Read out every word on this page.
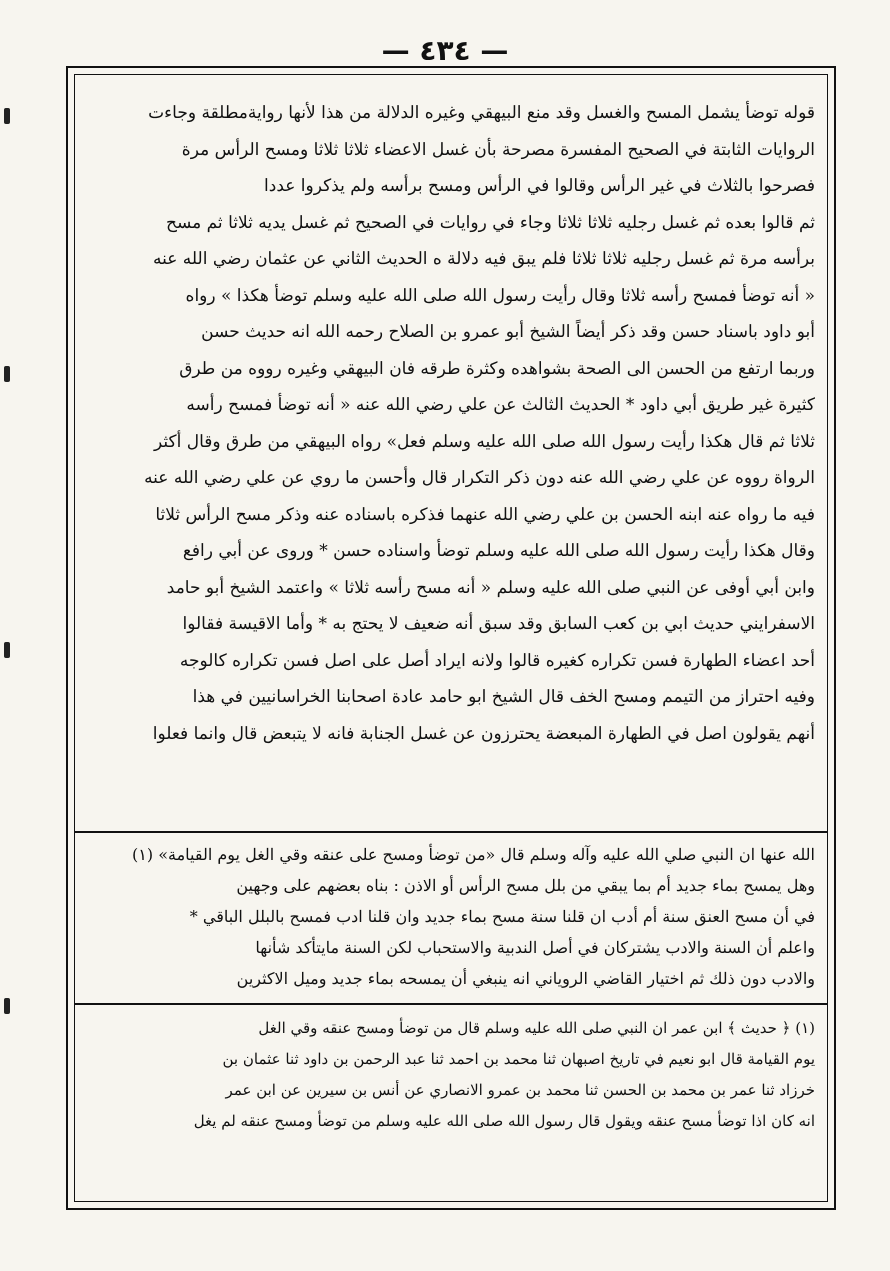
— ٤٣٤ —

قوله توضأ يشمل المسح والغسل وقد منع البيهقي وغيره الدلالة من هذا لأنها روايةمطلقة وجاءت

الروايات الثابتة في الصحيح المفسرة مصرحة بأن غسل الاعضاء ثلاثا ثلاثا ومسح الرأس مرة

فصرحوا بالثلاث في غير الرأس وقالوا في الرأس ومسح برأسه ولم يذكروا عددا

ثم قالوا بعده ثم غسل رجليه ثلاثا ثلاثا وجاء في روايات في الصحيح ثم غسل يديه ثلاثا ثم مسح

برأسه مرة ثم غسل رجليه ثلاثا ثلاثا فلم يبق فيه دلالة ه الحديث الثاني عن عثمان رضي الله عنه

« أنه توضأ فمسح رأسه ثلاثا وقال رأيت رسول الله صلى الله عليه وسلم توضأ هكذا » رواه

أبو داود باسناد حسن وقد ذكر أيضاً الشيخ أبو عمرو بن الصلاح رحمه الله انه حديث حسن

وربما ارتفع من الحسن الى الصحة بشواهده وكثرة طرقه فان البيهقي وغيره رووه من طرق

كثيرة غير طريق أبي داود * الحديث الثالث عن علي رضي الله عنه « أنه توضأ فمسح رأسه

ثلاثا ثم قال هكذا رأيت رسول الله صلى الله عليه وسلم فعل» رواه البيهقي من طرق وقال أكثر

الرواة رووه عن علي رضي الله عنه دون ذكر التكرار قال وأحسن ما روي عن علي رضي الله عنه

فيه ما رواه عنه ابنه الحسن بن علي رضي الله عنهما فذكره باسناده عنه وذكر مسح الرأس ثلاثا

وقال هكذا رأيت رسول الله صلى الله عليه وسلم توضأ واسناده حسن * وروى عن أبي رافع

وابن أبي أوفى عن النبي صلى الله عليه وسلم « أنه مسح رأسه ثلاثا » واعتمد الشيخ أبو حامد

الاسفرايني حديث ابي بن كعب السابق وقد سبق أنه ضعيف لا يحتج به * وأما الاقيسة فقالوا

أحد اعضاء الطهارة فسن تكراره كغيره قالوا ولانه ايراد أصل على اصل فسن تكراره كالوجه

وفيه احتراز من التيمم ومسح الخف قال الشيخ ابو حامد عادة اصحابنا الخراسانيين في هذا

أنهم يقولون اصل في الطهارة المبعضة يحترزون عن غسل الجنابة فانه لا يتبعض قال وانما فعلوا

الله عنها ان النبي صلي الله عليه وآله وسلم قال «من توضأ ومسح على عنقه وقي الغل يوم القيامة» (١)

وهل يمسح بماء جديد أم بما يبقي من بلل مسح الرأس أو الاذن : بناه بعضهم على وجهين

في أن مسح العنق سنة أم أدب ان قلنا سنة مسح بماء جديد وان قلنا ادب فمسح بالبلل الباقي *

واعلم أن السنة والادب يشتركان في أصل الندبية والاستحباب لكن السنة مايتأكد شأنها

والادب دون ذلك ثم اختيار القاضي الروياني انه ينبغي أن يمسحه بماء جديد وميل الاكثرين

(١) ﴿ حديث ﴾ ابن عمر ان النبي صلى الله عليه وسلم قال من توضأ ومسح عنقه وقي الغل

يوم القيامة قال ابو نعيم في تاريخ اصبهان ثنا محمد بن احمد ثنا عبد الرحمن بن داود ثنا عثمان بن

خرزاد ثنا عمر بن محمد بن الحسن ثنا محمد بن عمرو الانصاري عن أنس بن سيرين عن ابن عمر

انه كان اذا توضأ مسح عنقه ويقول قال رسول الله صلى الله عليه وسلم من توضأ ومسح عنقه لم يغل
